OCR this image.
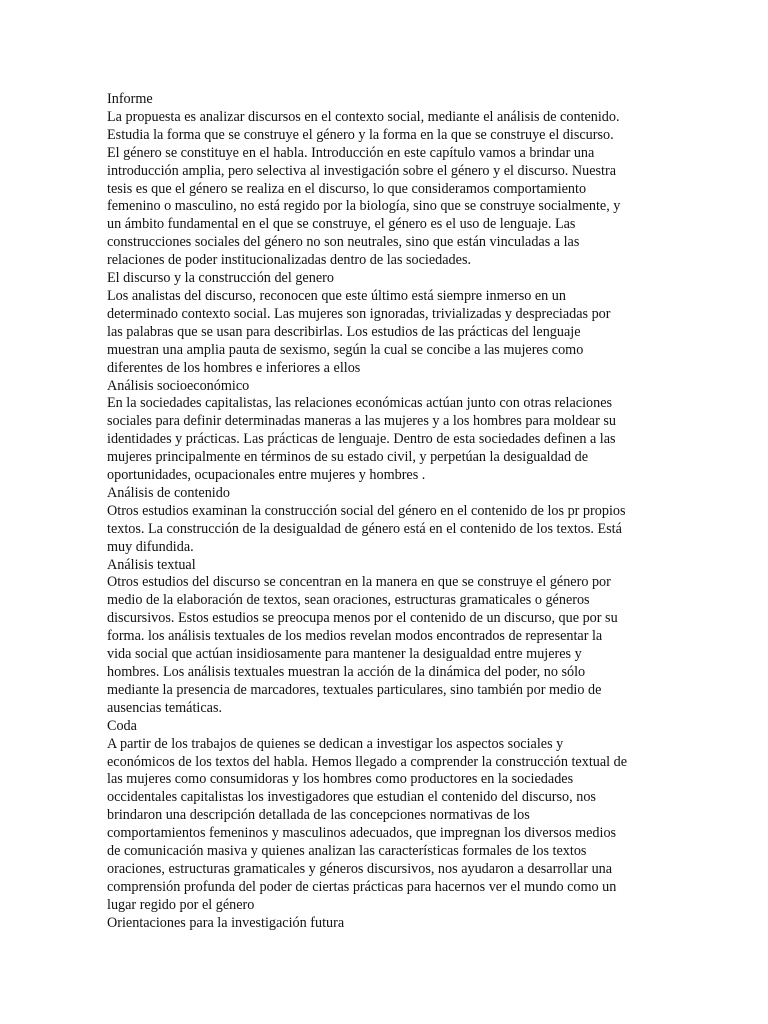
Informe
La propuesta es analizar discursos en el contexto social, mediante el análisis de contenido.
Estudia la forma que se construye el género y la forma en la que se construye el discurso.
El género se constituye en el habla. Introducción en este capítulo vamos a brindar una
introducción amplia, pero selectiva al investigación sobre el género y el discurso. Nuestra
tesis es que el género se realiza en el discurso, lo que consideramos comportamiento
femenino o masculino, no está regido por la biología, sino que se construye socialmente, y
un ámbito fundamental en el que se construye, el género es el uso de lenguaje. Las
construcciones sociales del género no son neutrales, sino que están vinculadas a las
relaciones de poder institucionalizadas dentro de las sociedades.
El discurso y la construcción del genero
Los analistas del discurso, reconocen que este último está siempre inmerso en un
determinado contexto social. Las mujeres son ignoradas, trivializadas y despreciadas por
las palabras que se usan para describirlas. Los estudios de las prácticas del lenguaje
muestran una amplia pauta de sexismo, según la cual se concibe a las mujeres como
diferentes de los hombres e inferiores a ellos
Análisis socioeconómico
En la sociedades capitalistas, las relaciones económicas actúan junto con otras relaciones
sociales para definir determinadas maneras a las mujeres y a los hombres para moldear su
identidades y prácticas. Las prácticas de lenguaje. Dentro de esta sociedades definen a las
mujeres principalmente en términos de su estado civil, y perpetúan la desigualdad de
oportunidades, ocupacionales entre mujeres y hombres .
Análisis de contenido
Otros estudios examinan la construcción social del género en el contenido de los pr propios
textos. La construcción de la desigualdad de género está en el contenido de los textos. Está
muy difundida.
Análisis textual
Otros estudios del discurso se concentran en la manera en que se construye el género por
medio de la elaboración de textos, sean oraciones, estructuras gramaticales o géneros
discursivos. Estos estudios se preocupa menos por el contenido de un discurso, que por su
forma. los análisis textuales de los medios revelan modos encontrados de representar la
vida social que actúan insidiosamente para mantener la desigualdad entre mujeres y
hombres. Los análisis textuales muestran la acción de la dinámica del poder, no sólo
mediante la presencia de marcadores, textuales particulares, sino también por medio de
ausencias temáticas.
Coda
A partir de los trabajos de quienes se dedican a investigar los aspectos sociales y
económicos de los textos del habla. Hemos llegado a comprender la construcción textual de
las mujeres como consumidoras y los hombres como productores en la sociedades
occidentales capitalistas los investigadores que estudian el contenido del discurso, nos
brindaron una descripción detallada de las concepciones normativas de los
comportamientos femeninos y masculinos adecuados, que impregnan los diversos medios
de comunicación masiva y quienes analizan las características formales de los textos
oraciones, estructuras gramaticales y géneros discursivos, nos ayudaron a desarrollar una
comprensión profunda del poder de ciertas prácticas para hacernos ver el mundo como un
lugar regido por el género
Orientaciones para la investigación futura
